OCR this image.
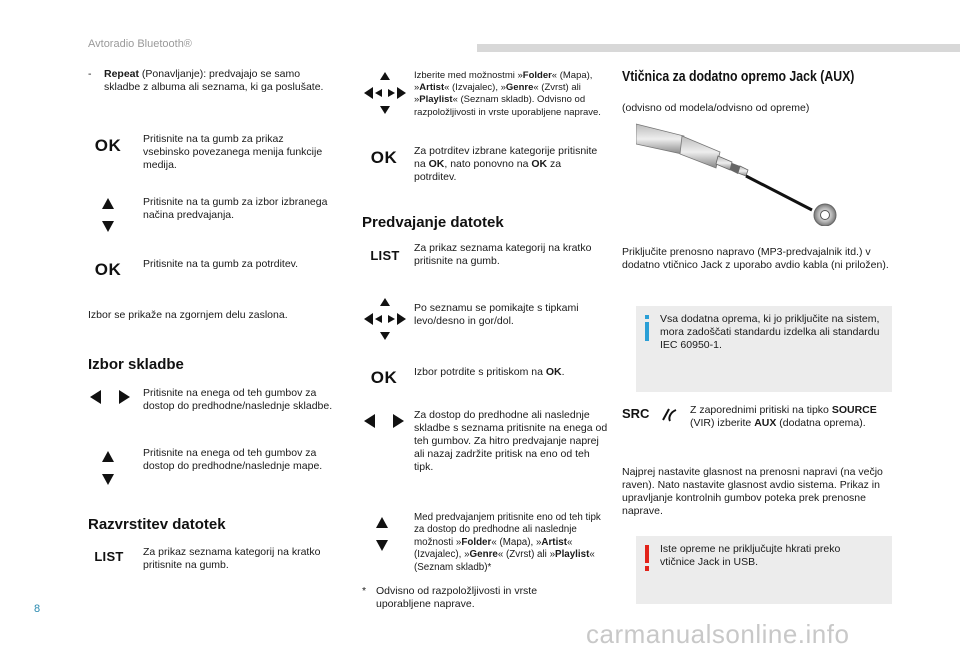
Avtoradio Bluetooth®
- Repeat (Ponavljanje): predvajajo se samo skladbe z albuma ali seznama, ki ga poslušate.
OK	Pritisnite na ta gumb za prikaz vsebinsko povezanega menija funkcije medija.
Pritisnite na ta gumb za izbor izbranega načina predvajanja.
OK	Pritisnite na ta gumb za potrditev.
Izbor se prikaže na zgornjem delu zaslona.
Izbor skladbe
Pritisnite na enega od teh gumbov za dostop do predhodne/naslednje skladbe.
Pritisnite na enega od teh gumbov za dostop do predhodne/naslednje mape.
Razvrstitev datotek
LIST	Za prikaz seznama kategorij na kratko pritisnite na gumb.
Izberite med možnostmi »Folder« (Mapa), »Artist« (Izvajalec), »Genre« (Zvrst) ali »Playlist« (Seznam skladb). Odvisno od razpoložljivosti in vrste uporabljene naprave.
OK	Za potrditev izbrane kategorije pritisnite na OK, nato ponovno na OK za potrditev.
Predvajanje datotek
LIST	Za prikaz seznama kategorij na kratko pritisnite na gumb.
Po seznamu se pomikajte s tipkami levo/desno in gor/dol.
OK	Izbor potrdite s pritiskom na OK.
Za dostop do predhodne ali naslednje skladbe s seznama pritisnite na enega od teh gumbov. Za hitro predvajanje naprej ali nazaj zadržite pritisk na eno od teh tipk.
Med predvajanjem pritisnite eno od teh tipk za dostop do predhodne ali naslednje možnosti »Folder« (Mapa), »Artist« (Izvajalec), »Genre« (Zvrst) ali »Playlist« (Seznam skladb)*
* Odvisno od razpoložljivosti in vrste uporabljene naprave.
Vtičnica za dodatno opremo Jack (AUX)
(odvisno od modela/odvisno od opreme)
Priključite prenosno napravo (MP3-predvajalnik itd.) v dodatno vtičnico Jack z uporabo avdio kabla (ni priložen).
Vsa dodatna oprema, ki jo priključite na sistem, mora zadoščati standardu izdelka ali standardu IEC 60950-1.
SRC	Z zaporednimi pritiski na tipko SOURCE (VIR) izberite AUX (dodatna oprema).
Najprej nastavite glasnost na prenosni napravi (na večjo raven). Nato nastavite glasnost avdio sistema. Prikaz in upravljanje kontrolnih gumbov poteka prek prenosne naprave.
Iste opreme ne priključujte hkrati preko vtičnice Jack in USB.
8
carmanualsonline.info
